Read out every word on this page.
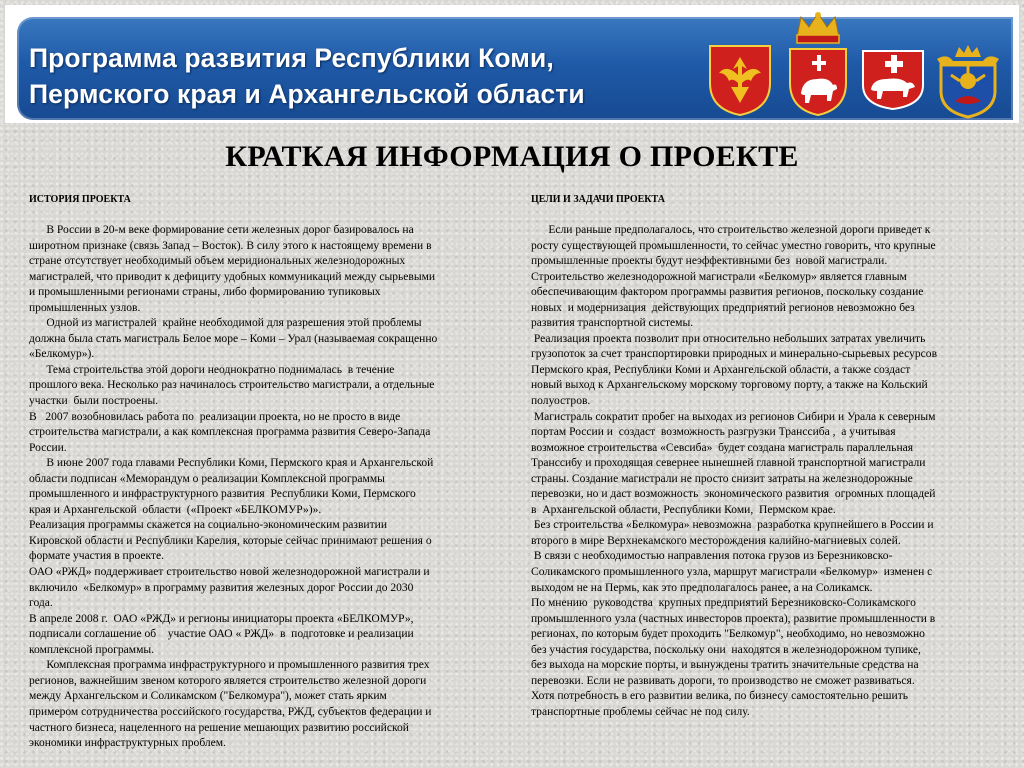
Программа развития Республики Коми,
Пермского края и Архангельской области
КРАТКАЯ ИНФОРМАЦИЯ О ПРОЕКТЕ
ИСТОРИЯ ПРОЕКТА

В России в 20-м веке формирование сети железных дорог базировалось на

широтном признаке (связь Запад – Восток). В силу этого к настоящему времени в

стране отсутствует необходимый объем меридиональных железнодорожных

магистралей, что приводит к дефициту удобных коммуникаций между сырьевыми

и промышленными регионами страны, либо формированию тупиковых

промышленных узлов.

Одной из магистралей  крайне необходимой для разрешения этой проблемы

должна была стать магистраль Белое море – Коми – Урал (называемая сокращенно

«Белкомур»).

Тема строительства этой дороги неоднократно поднималась  в течение

прошлого века. Несколько раз начиналось строительство магистрали, а отдельные

участки  были построены.

В   2007 возобновилась работа по  реализации проекта, но не просто в виде

строительства магистрали, а как комплексная программа развития Северо-Западa

России.

В июне 2007 года главами Республики Коми, Пермского края и Архангельской

области подписан «Меморандум о реализации Комплексной программы

промышленного и инфраструктурного развития  Республики Коми, Пермского

края и Архангельской  области  («Проект «БЕЛКОМУР»)».

Реализация программы скажется на социально-экономическим развитии

Кировской области и Республики Карелия, которые сейчас принимают решения о

формате участия в проекте.

ОАО «РЖД» поддерживает строительство новой железнодорожной магистрали и

включило  «Белкомур» в программу развития железных дорог России до 2030

года.

В апреле 2008 г.  ОАО «РЖД» и регионы инициаторы проекта «БЕЛКОМУР»,

подписали соглашение об    участие ОАО « РЖД»  в  подготовке и реализации

комплексной программы.

Комплексная программа инфраструктурного и промышленного развития трех

регионов, важнейшим звеном которого является строительство железной дороги

между Архангельском и Соликамском ("Белкомура"), может стать ярким

примером сотрудничества российского государства, РЖД, субъектов федерации и

частного бизнеса, нацеленного на решение мешающих развитию российской

экономики инфраструктурных проблем.

ЦЕЛИ И ЗАДАЧИ ПРОЕКТА

Если раньше предполагалось, что строительство железной дороги приведет к

росту существующей промышленности, то сейчас уместно говорить, что крупные

промышленные проекты будут неэффективными без  новой магистрали.

Строительство железнодорожной магистрали «Белкомур» является главным

обеспечивающим фактором программы развития регионов, поскольку создание

новых  и модернизация  действующих предприятий регионов невозможно без

развития транспортной системы.

Реализация проекта позволит при относительно небольших затратах увеличить

грузопоток за счет транспортировки природных и минерально-сырьевых ресурсов

Пермского края, Республики Коми и Архангельской области, а также создаст

новый выход к Архангельскому морскому торговому порту, а также на Кольский

полуостров.

Магистраль сократит пробег на выходах из регионов Сибири и Урала к северным

портам России и  создаст  возможность разгрузки Транссиба ,  а учитывая

возможное строительства «Севсиба»  будет создана магистраль параллельная

Транссибу и проходящая севернее нынешней главной транспортной магистрали

страны. Создание магистрали не просто снизит затраты на железнодорожные

перевозки, но и даст возможность  экономического развития  огромных площадей

в  Архангельской области, Республики Коми,  Пермском крае.

Без строительства «Белкомура» невозможна  разработка крупнейшего в России и

второго в мире Верхнекамского месторождения калийно-магниевых солей.

В связи с необходимостью направления потока грузов из Березниковско-

Соликамского промышленного узла, маршрут магистрали «Белкомур»  изменен с

выходом не на Пермь, как это предполагалось ранее, а на Соликамск.

По мнению  руководства  крупных предприятий Березниковско-Соликамского

промышленного узла (частных инвесторов проекта), развитие промышленности в

регионах, по которым будет проходить "Белкомур", необходимо, но невозможно

без участия государства, поскольку они  находятся в железнодорожном тупике,

без выхода на морские порты, и вынуждены тратить значительные средства на

перевозки. Если не развивать дороги, то производство не сможет развиваться.

Хотя потребность в его развитии велика, по бизнесу самостоятельно решить

транспортные проблемы сейчас не под силу.
